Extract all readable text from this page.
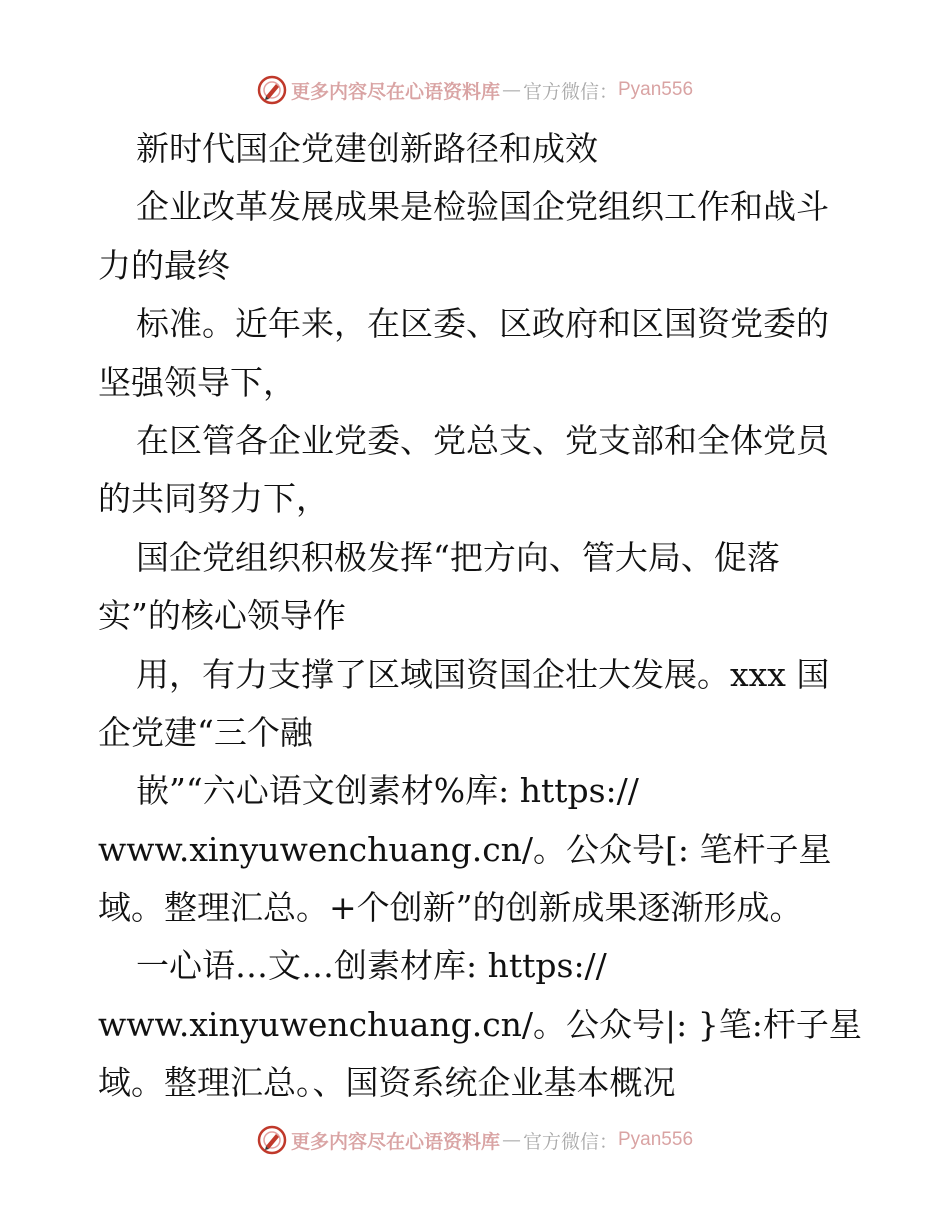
更多内容尽在心语资料库 — 官方微信： Pyan556
新时代国企党建创新路径和成效
企业改革发展成果是检验国企党组织工作和战斗
力的最终
标准。近年来，在区委、区政府和区国资党委的
坚强领导下，
在区管各企业党委、党总支、党支部和全体党员
的共同努力下，
国企党组织积极发挥“把方向、管大局、促落
实”的核心领导作
用，有力支撑了区域国资国企壮大发展。xxx 国
企党建“三个融
嵌”“六心语文创素材%库: https://
www.xinyuwenchuang.cn/。公众号[: 笔杆子星
域。整理汇总。+个创新”的创新成果逐渐形成。
一心语…文…创素材库: https://
www.xinyuwenchuang.cn/。公众号|: }笔:杆子星
域。整理汇总。、国资系统企业基本概况
更多内容尽在心语资料库 — 官方微信： Pyan556
